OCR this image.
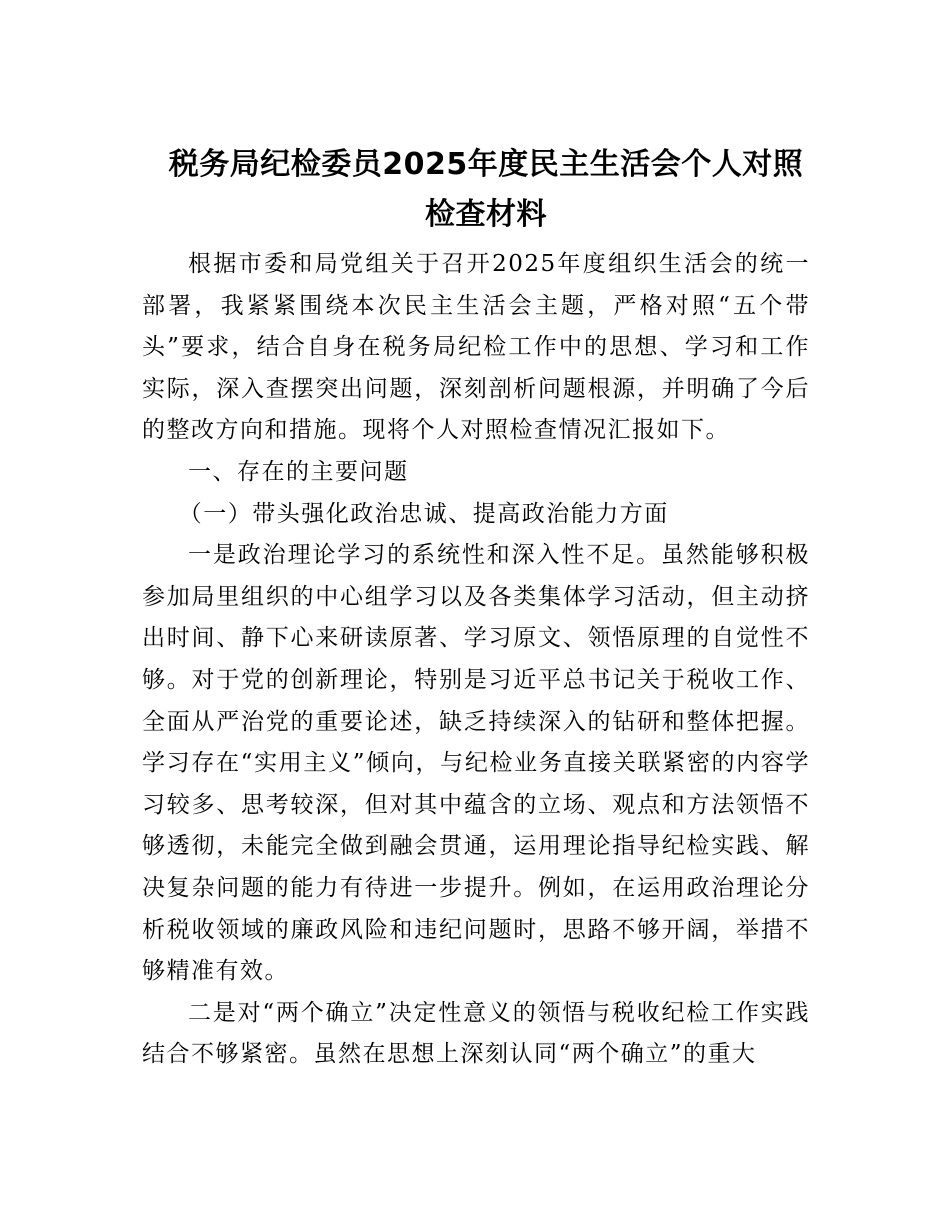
税务局纪检委员2025年度民主生活会个人对照检查材料

根据市委和局党组关于召开2025年度组织生活会的统一部署，我紧紧围绕本次民主生活会主题，严格对照“五个带头”要求，结合自身在税务局纪检工作中的思想、学习和工作实际，深入查摆突出问题，深刻剖析问题根源，并明确了今后的整改方向和措施。现将个人对照检查情况汇报如下。

一、存在的主要问题

（一）带头强化政治忠诚、提高政治能力方面

一是政治理论学习的系统性和深入性不足。虽然能够积极参加局里组织的中心组学习以及各类集体学习活动，但主动挤出时间、静下心来研读原著、学习原文、领悟原理的自觉性不够。对于党的创新理论，特别是习近平总书记关于税收工作、全面从严治党的重要论述，缺乏持续深入的钻研和整体把握。学习存在“实用主义”倾向，与纪检业务直接关联紧密的内容学习较多、思考较深，但对其中蕴含的立场、观点和方法领悟不够透彻，未能完全做到融会贯通，运用理论指导纪检实践、解决复杂问题的能力有待进一步提升。例如，在运用政治理论分析税收领域的廉政风险和违纪问题时，思路不够开阔，举措不够精准有效。

二是对“两个确立”决定性意义的领悟与税收纪检工作实践结合不够紧密。虽然在思想上深刻认同“两个确立”的重大
